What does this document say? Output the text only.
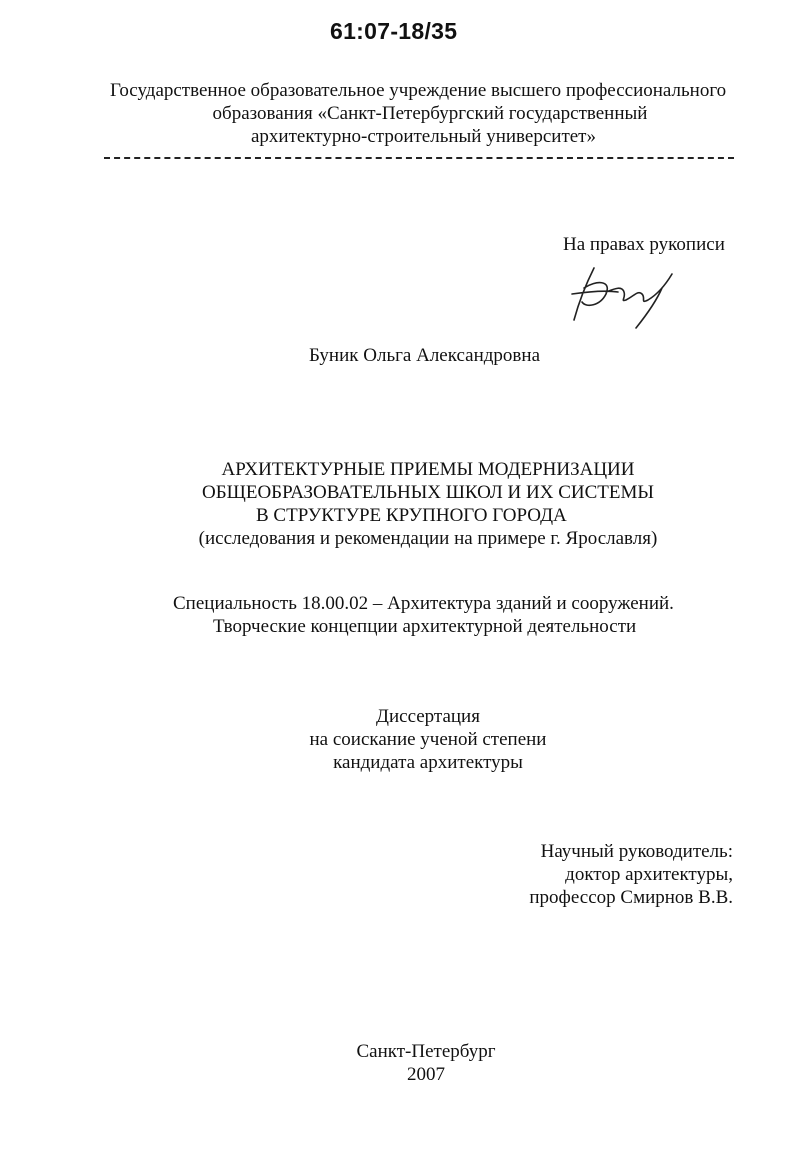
61:07-18/35
Государственное образовательное учреждение высшего профессионального
образования «Санкт-Петербургский государственный
архитектурно-строительный университет»
На правах рукописи
Буник Ольга Александровна
АРХИТЕКТУРНЫЕ ПРИЕМЫ МОДЕРНИЗАЦИИ
ОБЩЕОБРАЗОВАТЕЛЬНЫХ ШКОЛ И ИХ СИСТЕМЫ
В СТРУКТУРЕ КРУПНОГО ГОРОДА
(исследования и рекомендации на примере г. Ярославля)
Специальность 18.00.02 – Архитектура зданий и сооружений.
Творческие концепции архитектурной деятельности
Диссертация
на соискание ученой степени
кандидата архитектуры
Научный руководитель:
доктор архитектуры,
профессор Смирнов В.В.
Санкт-Петербург
2007
